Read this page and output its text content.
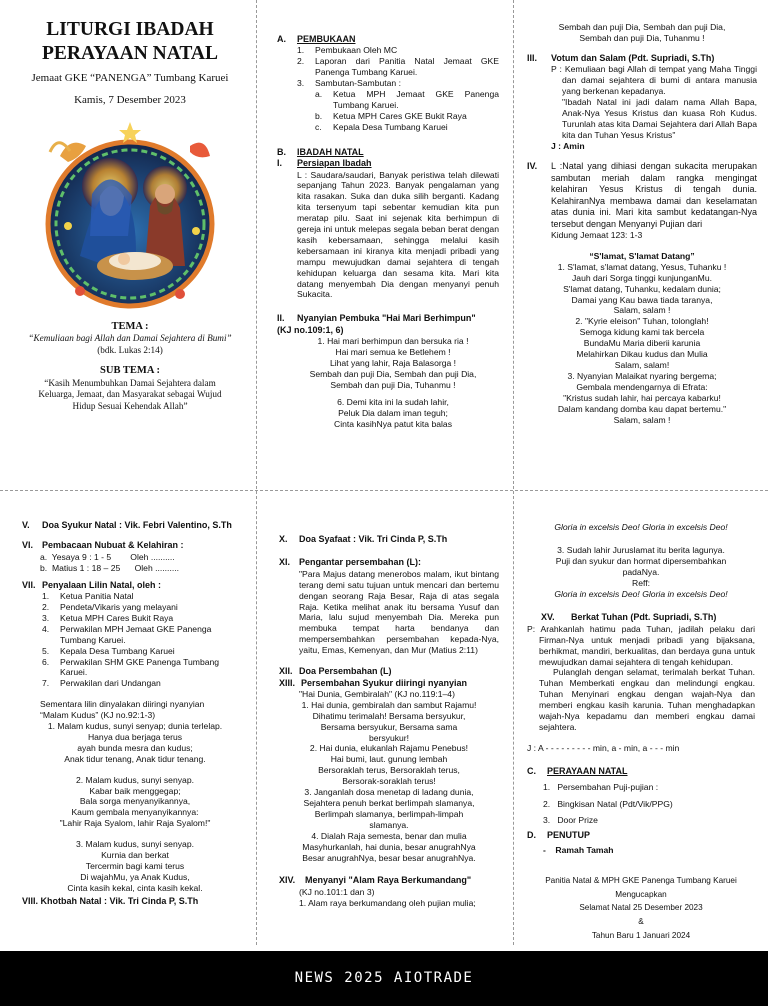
LITURGI IBADAH
PERAYAAN NATAL
Jemaat GKE “PANENGA” Tumbang Karuei
Kamis, 7 Desember 2023
TEMA :
“Kemuliaan bagi Allah dan Damai Sejahtera di Bumi”
(bdk. Lukas 2:14)
SUB TEMA :
“Kasih Menumbuhkan Damai Sejahtera dalam
Keluarga, Jemaat, dan Masyarakat sebagai Wujud
Hidup Sesuai Kehendak Allah”
A.	PEMBUKAAN
1.	Pembukaan Oleh MC
2.	Laporan dari Panitia Natal Jemaat GKE Panenga Tumbang Karuei.
3.	Sambutan-Sambutan :
a.	Ketua MPH Jemaat GKE Panenga Tumbang Karuei.
b.	Ketua MPH Cares GKE Bukit Raya
c.	Kepala Desa Tumbang Karuei
B.	IBADAH NATAL
I.	Persiapan Ibadah
L : Saudara/saudari, Banyak peristiwa telah dilewati sepanjang Tahun 2023. Banyak pengalaman yang kita rasakan. Suka dan duka silih berganti. Kadang kita tersenyum tapi sebentar kemudian kita pun meratap pilu. Saat ini sejenak kita berhimpun di gereja ini untuk melepas segala beban berat dengan kasih kebersamaan, sehingga melalui kasih kebersamaan ini kiranya kita menjadi pribadi yang mampu mewujudkan damai sejahtera di tengah kehidupan keluarga dan sesama kita. Mari kita datang menyembah Dia dengan menyanyi penuh Sukacita.
II.	Nyanyian Pembuka "Hai Mari Berhimpun"
(KJ no.109:1, 6)
1. Hai mari berhimpun dan bersuka ria !
Hai mari semua ke Betlehem !
Lihat yang lahir, Raja Balasorga !
Sembah dan puji Dia, Sembah dan puji Dia,
Sembah dan puji Dia, Tuhanmu !
6. Demi kita ini la sudah lahir,
Peluk Dia dalam iman teguh;
Cinta kasihNya patut kita balas
Sembah dan puji Dia, Sembah dan puji Dia,
Sembah dan puji Dia, Tuhanmu !
III.	Votum dan Salam (Pdt. Supriadi, S.Th)
P : Kemuliaan bagi Allah di tempat yang Maha Tinggi dan damai sejahtera di bumi di antara manusia yang berkenan kepadanya.
"Ibadah Natal ini jadi dalam nama Allah Bapa, Anak-Nya Yesus Kristus dan kuasa Roh Kudus. Turunlah atas kita Damai Sejahtera dari Allah Bapa kita dan Tuhan Yesus Kristus"
J : Amin
IV.	L :Natal yang dihiasi dengan sukacita merupakan sambutan meriah dalam rangka mengingat kelahiran Yesus Kristus di tengah dunia. KelahiranNya membawa damai dan keselamatan atas dunia ini. Mari kita sambut kedatangan-Nya tersebut dengan Menyanyi Pujian dari
Kidung Jemaat 123: 1-3
“S'lamat, S'lamat Datang”
1. S'lamat, s'lamat datang, Yesus, Tuhanku !
Jauh dari Sorga tinggi kunjunganMu.
S'lamat datang, Tuhanku, kedalam dunia;
Damai yang Kau bawa tiada taranya,
Salam, salam !
2. "Kyrie eleison" Tuhan, tolonglah!
Semoga kidung kami tak bercela
BundaMu Maria diberii karunia
Melahirkan Dikau kudus dan Mulia
Salam, salam!
3. Nyanyian Malaikat nyaring bergema;
Gembala mendengarnya di Efrata:
"Kristus sudah lahir, hai percaya kabarku!
Dalam kandang domba kau dapat bertemu."
Salam, salam !
V.	Doa Syukur Natal : Vik. Febri Valentino, S.Th
VI. Pembacaan Nubuat & Kelahiran :
a.  Yesaya 9 : 1 - 5        Oleh ..........
b.  Matius 1 : 18 – 25      Oleh ..........
VII. Penyalaan Lilin Natal, oleh :
1.	Ketua Panitia Natal
2.	Pendeta/Vikaris yang melayani
3.	Ketua MPH Cares Bukit Raya
4.	Perwakilan MPH Jemaat GKE Panenga Tumbang Karuei.
5.	Kepala Desa Tumbang Karuei
6.	Perwakilan SHM GKE Panenga Tumbang Karuei.
7.	Perwakilan dari Undangan
Sementara lilin dinyalakan diiringi nyanyian
“Malam Kudus” (KJ no.92:1-3)
1. Malam kudus, sunyi senyap; dunia terlelap.
Hanya dua berjaga terus
ayah bunda mesra dan kudus;
Anak tidur tenang, Anak tidur tenang.
2. Malam kudus, sunyi senyap.
Kabar baik menggegap;
Bala sorga menyanyikannya,
Kaum gembala menyanyikannya:
"Lahir Raja Syalom, lahir Raja Syalom!"
3. Malam kudus, sunyi senyap.
Kurnia dan berkat
Tercermin bagi kami terus
Di wajahMu, ya Anak Kudus,
Cinta kasih kekal, cinta kasih kekal.
VIII. Khotbah Natal : Vik. Tri Cinda P, S.Th
X.	Doa Syafaat : Vik. Tri Cinda P, S.Th
XI. Pengantar persembahan (L):
"Para Majus datang menerobos malam, ikut bintang terang demi satu tujuan untuk mencari dan bertemu dengan seorang Raja Besar, Raja di atas segala Raja. Ketika melihat anak itu bersama Yusuf dan Maria, lalu sujud menyembah Dia. Mereka pun membuka tempat harta bendanya dan mempersembahkan persembahan kepada-Nya, yaitu, Emas, Kemenyan, dan Mur (Matius 2:11)
XII. Doa Persembahan (L)
XIII. Persembahan Syukur diiringi nyanyian
"Hai Dunia, Gembiralah" (KJ no.119:1–4)
1. Hai dunia, gembiralah dan sambut Rajamu!
Dihatimu terimalah! Bersama bersyukur,
Bersama bersyukur, Bersama sama
bersyukur!
2. Hai dunia, elukanlah Rajamu Penebus!
Hai bumi, laut. gunung lembah
Bersoraklah terus, Bersoraklah terus,
Bersorak-soraklah terus!
3. Janganlah dosa menetap di ladang dunia,
Sejahtera penuh berkat berlimpah slamanya,
Berlimpah slamanya, berlimpah-limpah
slamanya.
4. Dialah Raja semesta, benar dan mulia
Masyhurkanlah, hai dunia, besar anugrahNya
Besar anugrahNya, besar besar anugrahNya.
XIV.	Menyanyi "Alam Raya Berkumandang"
(KJ no.101:1 dan 3)
1. Alam raya berkumandang oleh pujian mulia;
Gloria in excelsis Deo! Gloria in excelsis Deo!
3. Sudah lahir Juruslamat itu berita lagunya.
Puji dan syukur dan hormat dipersembahkan
padaNya.
Reff:
Gloria in excelsis Deo! Gloria in excelsis Deo!
XV.	Berkat Tuhan (Pdt. Supriadi, S.Th)
P: Arahkanlah hatimu pada Tuhan, jadilah pelaku dari Firman-Nya untuk menjadi pribadi yang bijaksana, berhikmat, mandiri, berkualitas, dan berdaya guna untuk mewujudkan damai sejahtera di tengah kehidupan.
Pulanglah dengan selamat, terimalah berkat Tuhan. Tuhan Memberkati engkau dan melindungi engkau. Tuhan Menyinari engkau dengan wajah-Nya dan memberi engkau kasih karunia. Tuhan menghadapkan wajah-Nya kepadamu dan memberi engkau damai sejahtera.
J : A - - - - - - - - - min, a - min, a - - - min
C.	PERAYAAN NATAL
1.   Persembahan Puji-pujian :
2.   Bingkisan Natal (Pdt/Vik/PPG)
3.   Door Prize
D.	PENUTUP
-    Ramah Tamah
Panitia Natal & MPH GKE Panenga Tumbang Karuei
Mengucapkan
Selamat Natal 25 Desember 2023
&
Tahun Baru 1 Januari 2024
NEWS 2025 AIOTRADE
